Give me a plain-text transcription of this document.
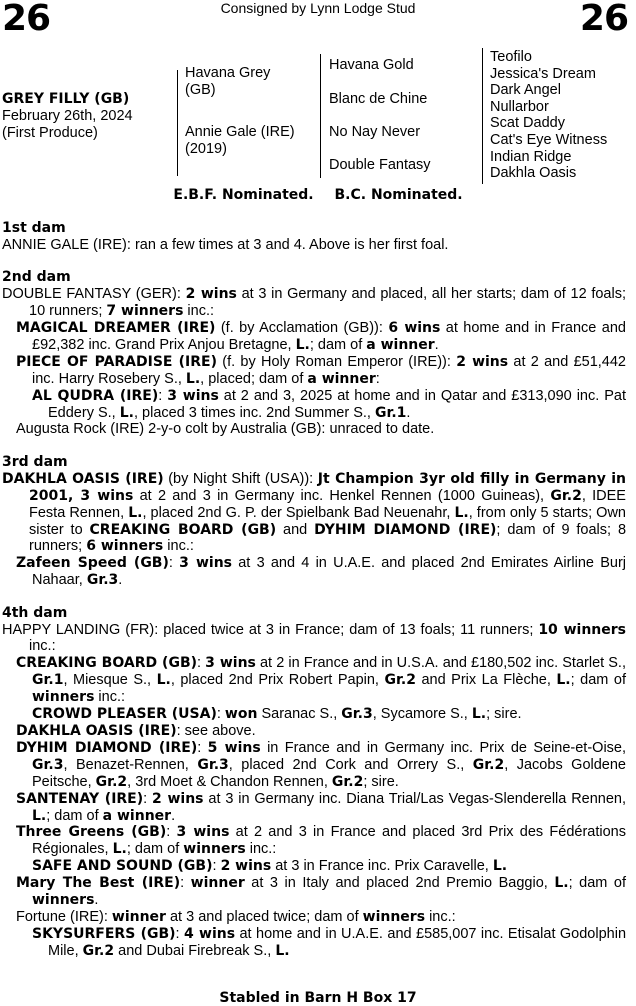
26	Consigned by Lynn Lodge Stud	26
GREY FILLY (GB)
February 26th, 2024
(First Produce)
Havana Grey
(GB)
Annie Gale (IRE)
(2019)
Havana Gold
Blanc de Chine
No Nay Never
Double Fantasy
Teofilo
Jessica's Dream
Dark Angel
Nullarbor
Scat Daddy
Cat's Eye Witness
Indian Ridge
Dakhla Oasis
E.B.F. Nominated. B.C. Nominated.
1st dam
ANNIE GALE (IRE): ran a few times at 3 and 4. Above is her first foal.
2nd dam
DOUBLE FANTASY (GER): 2 wins at 3 in Germany and placed, all her starts; dam of 12 foals; 10 runners; 7 winners inc.:
MAGICAL DREAMER (IRE) (f. by Acclamation (GB)): 6 wins at home and in France and £92,382 inc. Grand Prix Anjou Bretagne, L.; dam of a winner.
PIECE OF PARADISE (IRE) (f. by Holy Roman Emperor (IRE)): 2 wins at 2 and £51,442 inc. Harry Rosebery S., L., placed; dam of a winner:
AL QUDRA (IRE): 3 wins at 2 and 3, 2025 at home and in Qatar and £313,090 inc. Pat Eddery S., L., placed 3 times inc. 2nd Summer S., Gr.1.
Augusta Rock (IRE) 2-y-o colt by Australia (GB): unraced to date.
3rd dam
DAKHLA OASIS (IRE) (by Night Shift (USA)): Jt Champion 3yr old filly in Germany in 2001, 3 wins at 2 and 3 in Germany inc. Henkel Rennen (1000 Guineas), Gr.2, IDEE Festa Rennen, L., placed 2nd G. P. der Spielbank Bad Neuenahr, L., from only 5 starts; Own sister to CREAKING BOARD (GB) and DYHIM DIAMOND (IRE); dam of 9 foals; 8 runners; 6 winners inc.:
Zafeen Speed (GB): 3 wins at 3 and 4 in U.A.E. and placed 2nd Emirates Airline Burj Nahaar, Gr.3.
4th dam
HAPPY LANDING (FR): placed twice at 3 in France; dam of 13 foals; 11 runners; 10 winners inc.:
CREAKING BOARD (GB): 3 wins at 2 in France and in U.S.A. and £180,502 inc. Starlet S., Gr.1, Miesque S., L., placed 2nd Prix Robert Papin, Gr.2 and Prix La Flèche, L.; dam of winners inc.:
CROWD PLEASER (USA): won Saranac S., Gr.3, Sycamore S., L.; sire.
DAKHLA OASIS (IRE): see above.
DYHIM DIAMOND (IRE): 5 wins in France and in Germany inc. Prix de Seine-et-Oise, Gr.3, Benazet-Rennen, Gr.3, placed 2nd Cork and Orrery S., Gr.2, Jacobs Goldene Peitsche, Gr.2, 3rd Moet & Chandon Rennen, Gr.2; sire.
SANTENAY (IRE): 2 wins at 3 in Germany inc. Diana Trial/Las Vegas-Slenderella Rennen, L.; dam of a winner.
Three Greens (GB): 3 wins at 2 and 3 in France and placed 3rd Prix des Fédérations Régionales, L.; dam of winners inc.:
SAFE AND SOUND (GB): 2 wins at 3 in France inc. Prix Caravelle, L.
Mary The Best (IRE): winner at 3 in Italy and placed 2nd Premio Baggio, L.; dam of winners.
Fortune (IRE): winner at 3 and placed twice; dam of winners inc.:
SKYSURFERS (GB): 4 wins at home and in U.A.E. and £585,007 inc. Etisalat Godolphin Mile, Gr.2 and Dubai Firebreak S., L.
Stabled in Barn H Box 17
